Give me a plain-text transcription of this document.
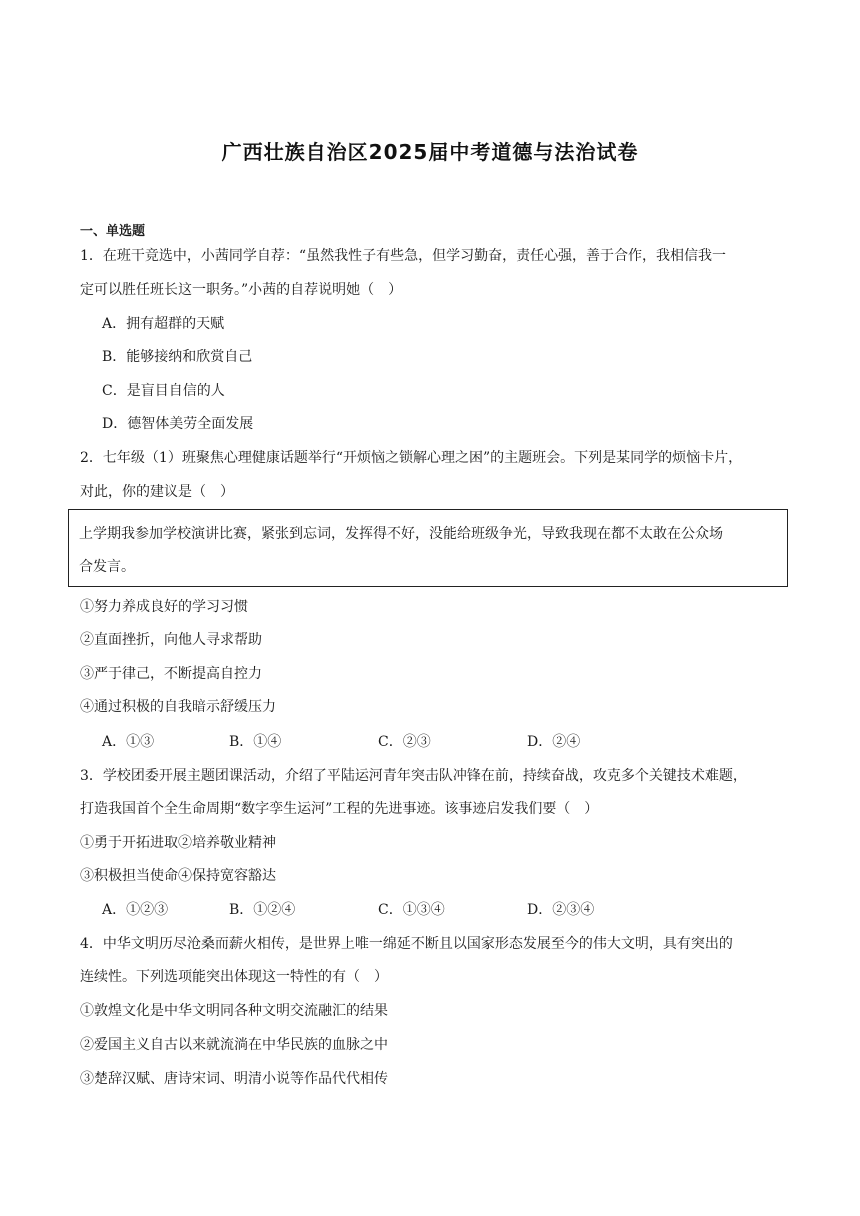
广西壮族自治区2025届中考道德与法治试卷
一、单选题
1．在班干竞选中，小茜同学自荐：“虽然我性子有些急，但学习勤奋，责任心强，善于合作，我相信我一
定可以胜任班长这一职务。”小茜的自荐说明她（　）
A．拥有超群的天赋
B．能够接纳和欣赏自己
C．是盲目自信的人
D．德智体美劳全面发展
2．七年级（1）班聚焦心理健康话题举行“开烦恼之锁解心理之困”的主题班会。下列是某同学的烦恼卡片，
对此，你的建议是（　）
上学期我参加学校演讲比赛，紧张到忘词，发挥得不好，没能给班级争光，导致我现在都不太敢在公众场
合发言。
①努力养成良好的学习习惯
②直面挫折，向他人寻求帮助
③严于律己，不断提高自控力
④通过积极的自我暗示舒缓压力
A．①③	B．①④	C．②③	D．②④
3．学校团委开展主题团课活动，介绍了平陆运河青年突击队冲锋在前，持续奋战，攻克多个关键技术难题，
打造我国首个全生命周期“数字孪生运河”工程的先进事迹。该事迹启发我们要（　）
①勇于开拓进取②培养敬业精神
③积极担当使命④保持宽容豁达
A．①②③	B．①②④	C．①③④	D．②③④
4．中华文明历尽沧桑而薪火相传，是世界上唯一绵延不断且以国家形态发展至今的伟大文明，具有突出的
连续性。下列选项能突出体现这一特性的有（　）
①敦煌文化是中华文明同各种文明交流融汇的结果
②爱国主义自古以来就流淌在中华民族的血脉之中
③楚辞汉赋、唐诗宋词、明清小说等作品代代相传
